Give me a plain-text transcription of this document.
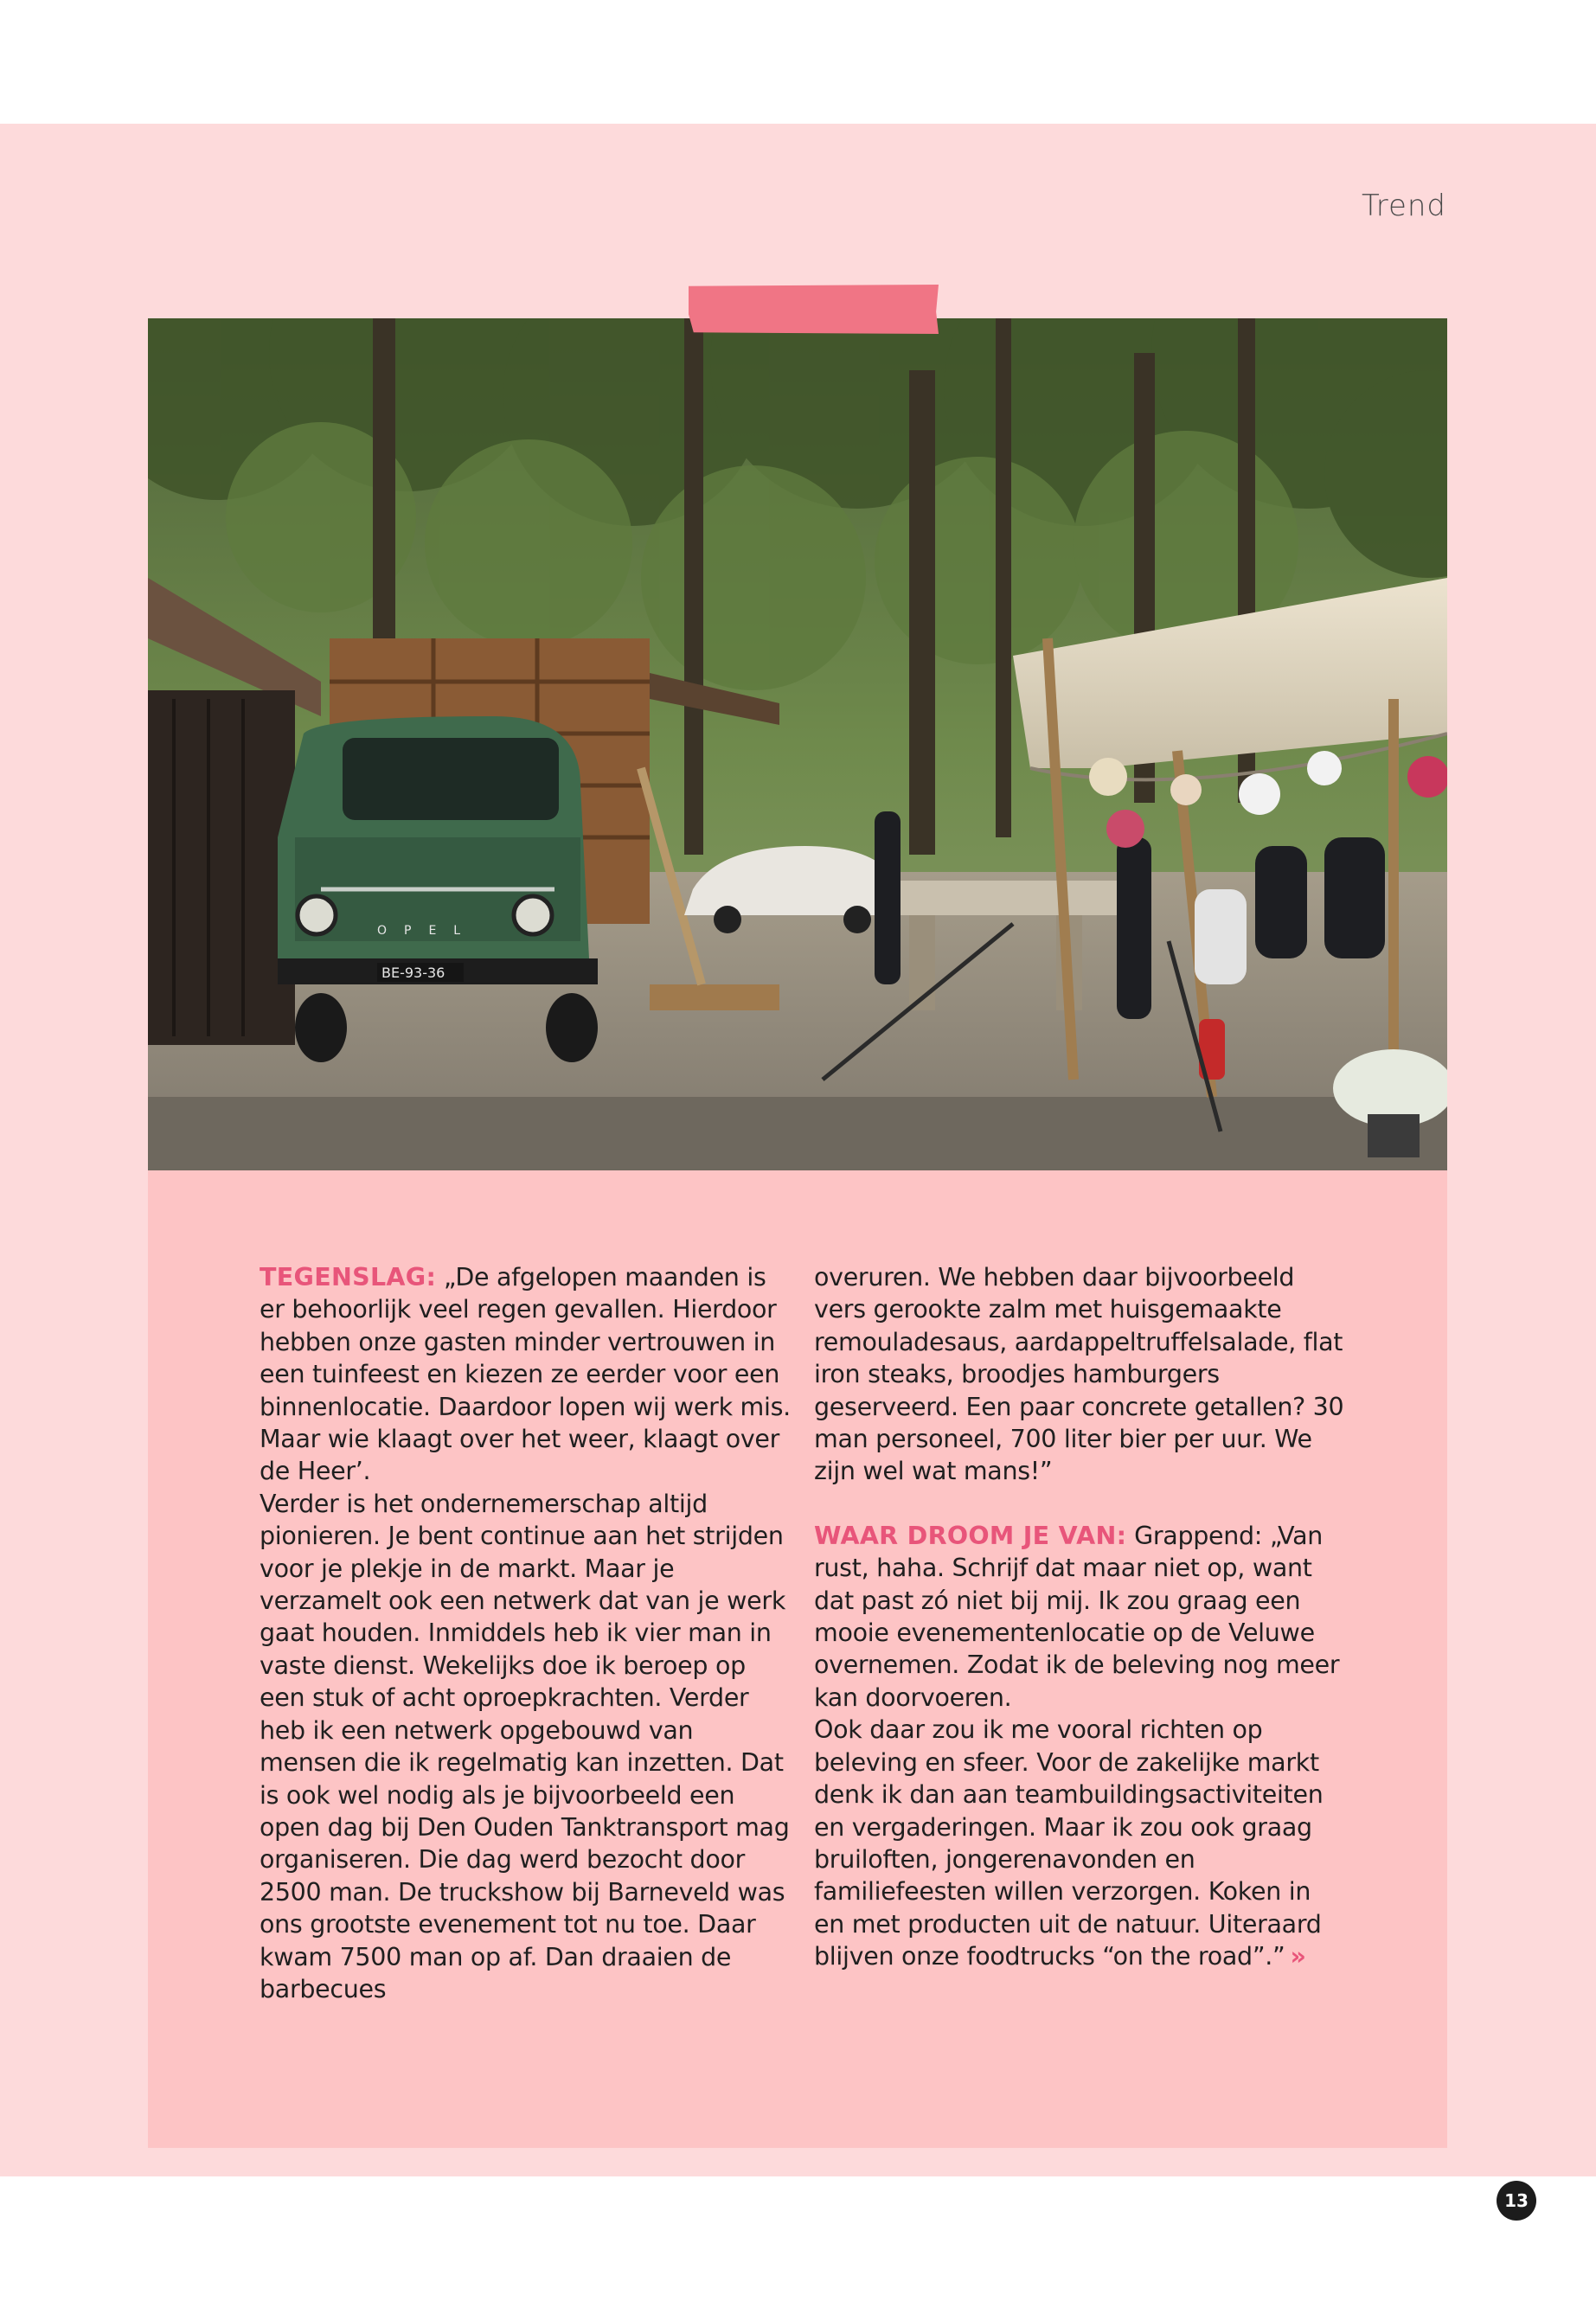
Trend
BE-93-36
OPEL

TEGENSLAG: „De afgelopen maanden is er behoorlijk veel regen gevallen. Hierdoor hebben onze gasten minder vertrouwen in een tuinfeest en kiezen ze eerder voor een binnenlocatie. Daardoor lopen wij werk mis. Maar wie klaagt over het weer, klaagt over de Heer’.

Verder is het ondernemerschap altijd pionieren. Je bent continue aan het strijden voor je plekje in de markt. Maar je verzamelt ook een netwerk dat van je werk gaat houden. Inmiddels heb ik vier man in vaste dienst. Wekelijks doe ik beroep op een stuk of acht oproepkrachten. Verder heb ik een netwerk opgebouwd van mensen die ik regelmatig kan inzetten. Dat is ook wel nodig als je bijvoorbeeld een open dag bij Den Ouden Tanktransport mag organiseren. Die dag werd bezocht door 2500 man. De truckshow bij Barneveld was ons grootste evenement tot nu toe. Daar kwam 7500 man op af. Dan draaien de barbecues

overuren. We hebben daar bijvoorbeeld vers gerookte zalm met huisgemaakte remouladesaus, aardappeltruffelsalade, flat iron steaks, broodjes hamburgers geserveerd. Een paar concrete getallen? 30 man personeel, 700 liter bier per uur. We zijn wel wat mans!”

WAAR DROOM JE VAN: Grappend: „Van rust, haha. Schrijf dat maar niet op, want dat past zó niet bij mij. Ik zou graag een mooie evenementenlocatie op de Veluwe overnemen. Zodat ik de beleving nog meer kan doorvoeren.

Ook daar zou ik me vooral richten op beleving en sfeer. Voor de zakelijke markt denk ik dan aan teambuildingsactiviteiten en vergaderingen. Maar ik zou ook graag bruiloften, jongerenavonden en familiefeesten willen verzorgen. Koken in en met producten uit de natuur. Uiteraard blijven onze foodtrucks “on the road”.” »

13
